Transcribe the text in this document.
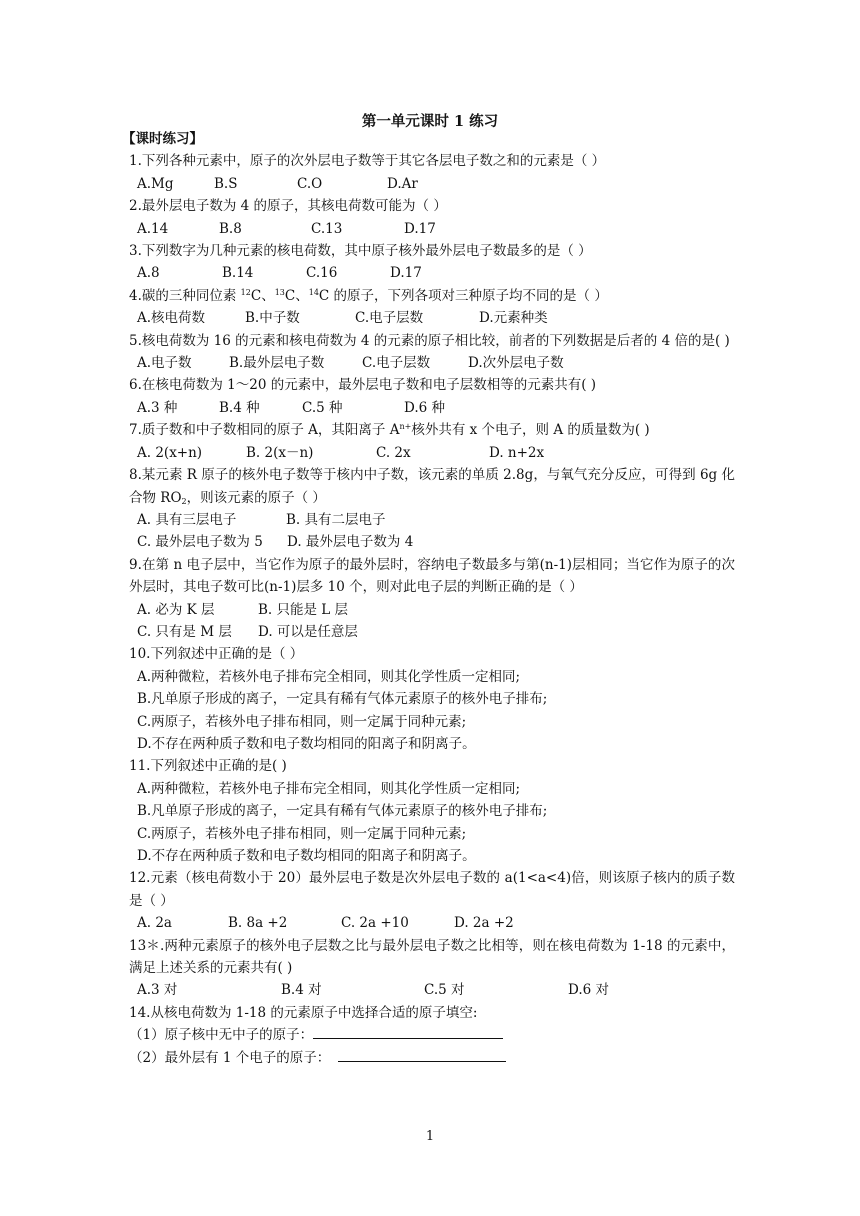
第一单元课时 1 练习
【课时练习】
1.下列各种元素中，原子的次外层电子数等于其它各层电子数之和的元素是（ ）
A.Mg	B.S	C.O	D.Ar
2.最外层电子数为 4 的原子，其核电荷数可能为（ ）
A.14	B.8	C.13	D.17
3.下列数字为几种元素的核电荷数，其中原子核外最外层电子数最多的是（ ）
A.8	B.14	C.16	D.17
4.碳的三种同位素 $^{12}$C、$^{13}$C、$^{14}$C 的原子，下列各项对三种原子均不同的是（ ）
A.核电荷数	B.中子数	C.电子层数	D.元素种类
5.核电荷数为 16 的元素和核电荷数为 4 的元素的原子相比较，前者的下列数据是后者的 4 倍的是( )
A.电子数	B.最外层电子数	C.电子层数	D.次外层电子数
6.在核电荷数为 1～20 的元素中，最外层电子数和电子层数相等的元素共有( )
A.3 种	B.4 种	C.5 种	D.6 种
7.质子数和中子数相同的原子 A，其阳离子 $A^{n+}$核外共有 x 个电子，则 A 的质量数为( )
A. 2(x+n)	B. 2(x－n)	C. 2x	D. n+2x
8.某元素 R 原子的核外电子数等于核内中子数，该元素的单质 2.8g，与氧气充分反应，可得到 6g 化合物 $RO_2$，则该元素的原子（ ）
A. 具有三层电子	B. 具有二层电子
C. 最外层电子数为 5 D. 最外层电子数为 4
9.在第 n 电子层中，当它作为原子的最外层时，容纳电子数最多与第(n-1)层相同；当它作为原子的次外层时，其电子数可比(n-1)层多 10 个，则对此电子层的判断正确的是（ ）
A. 必为 K 层	B. 只能是 L 层
C. 只有是 M 层 D. 可以是任意层
10.下列叙述中正确的是（ ）
A.两种微粒，若核外电子排布完全相同，则其化学性质一定相同;
B.凡单原子形成的离子，一定具有稀有气体元素原子的核外电子排布;
C.两原子，若核外电子排布相同，则一定属于同种元素;
D.不存在两种质子数和电子数均相同的阳离子和阴离子。
11.下列叙述中正确的是( )
A.两种微粒，若核外电子排布完全相同，则其化学性质一定相同;
B.凡单原子形成的离子，一定具有稀有气体元素原子的核外电子排布;
C.两原子，若核外电子排布相同，则一定属于同种元素;
D.不存在两种质子数和电子数均相同的阳离子和阴离子。
12.元素（核电荷数小于 20）最外层电子数是次外层电子数的 a(1<a<4)倍，则该原子核内的质子数是（ ）
A. 2a	B. 8a +2	C. 2a +10	D. 2a +2
13＊.两种元素原子的核外电子层数之比与最外层电子数之比相等，则在核电荷数为 1-18 的元素中，满足上述关系的元素共有( )
A.3 对	B.4 对	C.5 对	D.6 对
14.从核电荷数为 1-18 的元素原子中选择合适的原子填空:
（1）原子核中无中子的原子：
（2）最外层有 1 个电子的原子：
1
